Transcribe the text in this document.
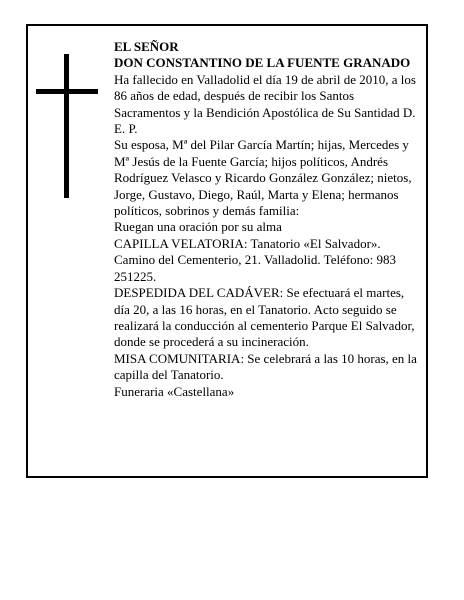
EL SEÑOR

DON CONSTANTINO DE LA FUENTE GRANADO

Ha fallecido en Valladolid el día 19 de abril de 2010, a los 86 años de edad, después de recibir los Santos Sacramentos y la Bendición Apostólica de Su Santidad D. E. P.

Su esposa, Mª del Pilar García Martín; hijas, Mercedes y Mª Jesús de la Fuente García; hijos políticos, Andrés Rodríguez Velasco y Ricardo González González; nietos, Jorge, Gustavo, Diego, Raúl, Marta y Elena; hermanos políticos, sobrinos y demás familia:

Ruegan una oración por su alma

CAPILLA VELATORIA: Tanatorio «El Salvador». Camino del Cementerio, 21. Valladolid. Teléfono: 983 251225.

DESPEDIDA DEL CADÁVER: Se efectuará el martes, día 20, a las 16 horas, en el Tanatorio. Acto seguido se realizará la conducción al cementerio Parque El Salvador, donde se procederá a su incineración.

MISA COMUNITARIA: Se celebrará a las 10 horas, en la capilla del Tanatorio.

Funeraria «Castellana»
